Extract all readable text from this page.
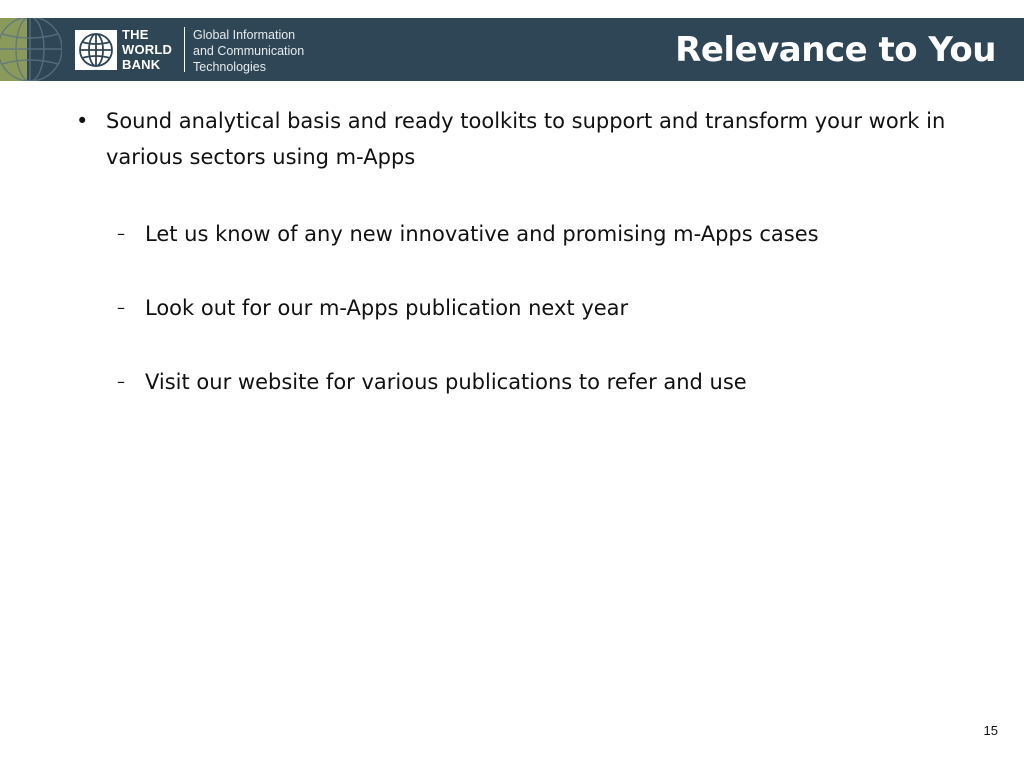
THE
WORLD
BANK
Global Information
and Communication
Technologies	Relevance to You
• Sound analytical basis and ready toolkits to support and transform your work in various sectors using m-Apps
– Let us know of any new innovative and promising m-Apps cases
– Look out for our m-Apps publication next year
– Visit our website for various publications to refer and use
15
